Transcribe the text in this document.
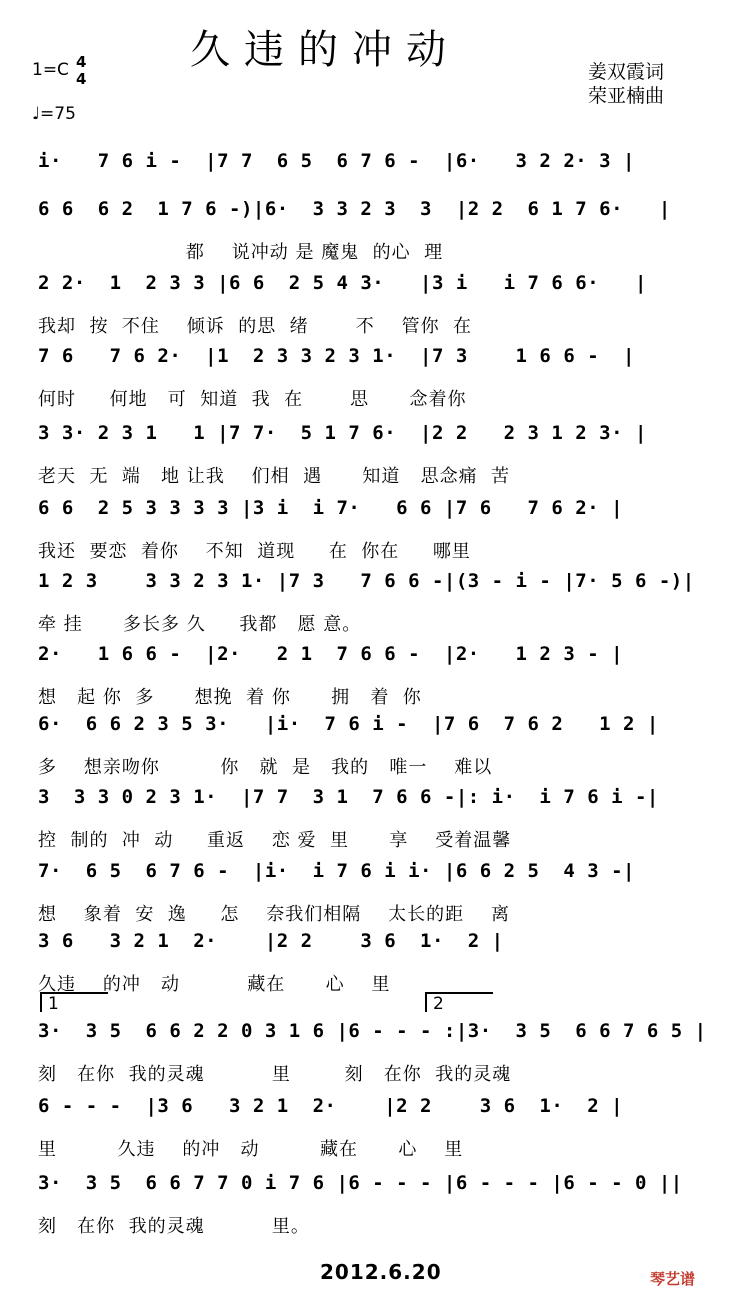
久违的冲动
1=C 4
4
♩=75
姜双霞词
荣亚楠曲
i·   7 6 i -  |7 7  6 5  6 7 6 -  |6·   3 2 2· 3 |
6 6  6 2  1 7 6 -)|6·  3 3 2 3  3  |2 2  6 1 7 6·   |
都    说冲动 是 魔鬼  的心  理
2 2·  1  2 3 3 |6 6  2 5 4 3·   |3 i   i 7 6 6·   |
我却  按  不住    倾诉  的思  绪       不    管你  在
7 6   7 6 2·  |1  2 3 3 2 3 1·  |7 3    1 6 6 -  |
何时     何地   可  知道  我  在       思      念着你
3 3· 2 3 1   1 |7 7·  5 1 7 6·  |2 2   2 3 1 2 3· |
老天  无  端   地 让我    们相  遇      知道   思念痛  苦
6 6  2 5 3 3 3 3 |3 i  i 7·   6 6 |7 6   7 6 2· |
我还  要恋  着你    不知  道现     在  你在     哪里
1 2 3    3 3 2 3 1· |7 3   7 6 6 -|(3 - i - |7· 5 6 -)|
牵 挂      多长多 久     我都   愿 意。
2·   1 6 6 -  |2·   2 1  7 6 6 -  |2·   1 2 3 - |
想   起 你  多      想挽  着 你      拥   着  你
6·  6 6 2 3 5 3·   |i·  7 6 i -  |7 6  7 6 2   1 2 |
多    想亲吻你         你   就  是   我的   唯一    难以
3  3 3 0 2 3 1·  |7 7  3 1  7 6 6 -|: i·  i 7 6 i -|
控  制的  冲  动     重返    恋 爱  里      享    受着温馨
7·  6 5  6 7 6 -  |i·  i 7 6 i i· |6 6 2 5  4 3 -|
想    象着  安  逸     怎    奈我们相隔    太长的距    离
3 6   3 2 1  2·    |2 2    3 6  1·  2 |
久违    的冲   动          藏在      心    里
1	2
3·  3 5  6 6 2 2 0 3 1 6 |6 - - - :|3·  3 5  6 6 7 6 5 |
刻   在你  我的灵魂          里        刻   在你  我的灵魂
6 - - -  |3 6   3 2 1  2·    |2 2    3 6  1·  2 |
里         久违    的冲   动         藏在      心    里
3·  3 5  6 6 7 7 0 i 7 6 |6 - - - |6 - - - |6 - - 0 ||
刻   在你  我的灵魂          里。
2012.6.20	琴艺谱
